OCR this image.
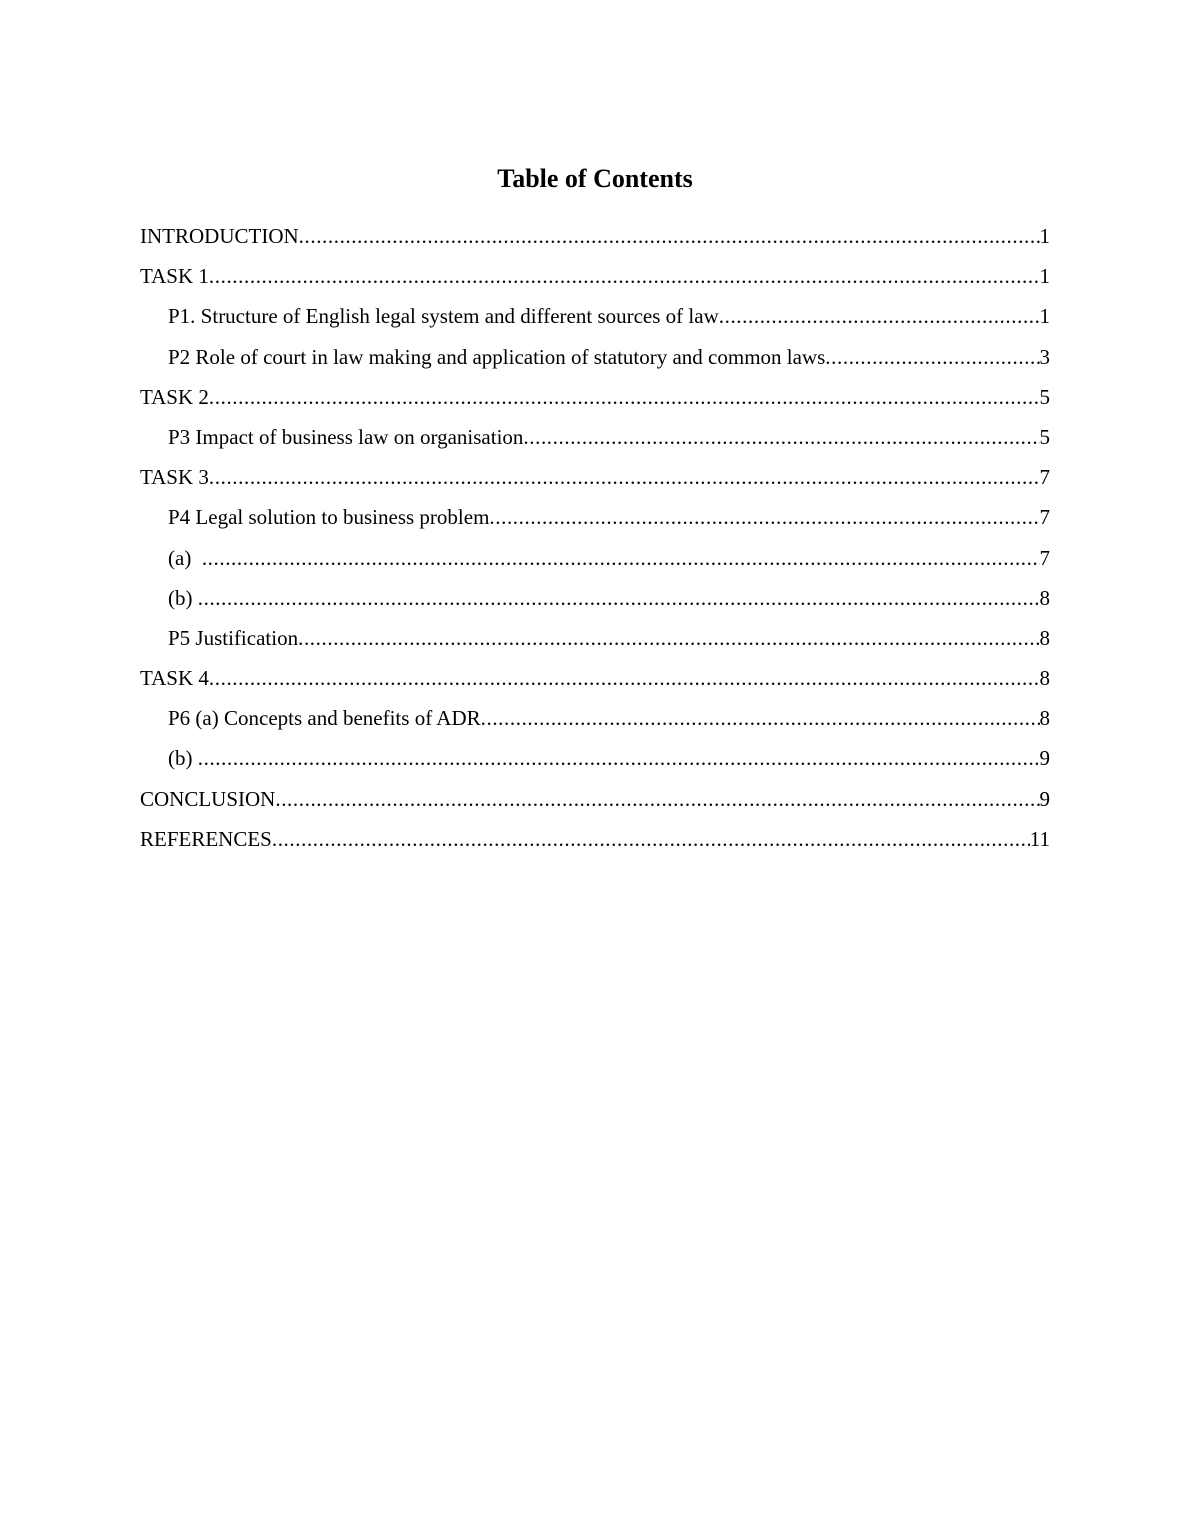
Table of Contents
INTRODUCTION .....	1
TASK 1 .....	1
P1. Structure of English legal system and different sources of law .....	1
P2 Role of court in law making and application of statutory and common laws .....	3
TASK 2 .....	5
P3 Impact of business law on organisation .....	5
TASK 3 .....	7
P4 Legal solution to business problem .....	7
(a) .....	7
(b) .....	8
P5 Justification .....	8
TASK 4 .....	8
P6 (a) Concepts and benefits of ADR .....	8
(b) .....	9
CONCLUSION .....	9
REFERENCES .....	11
